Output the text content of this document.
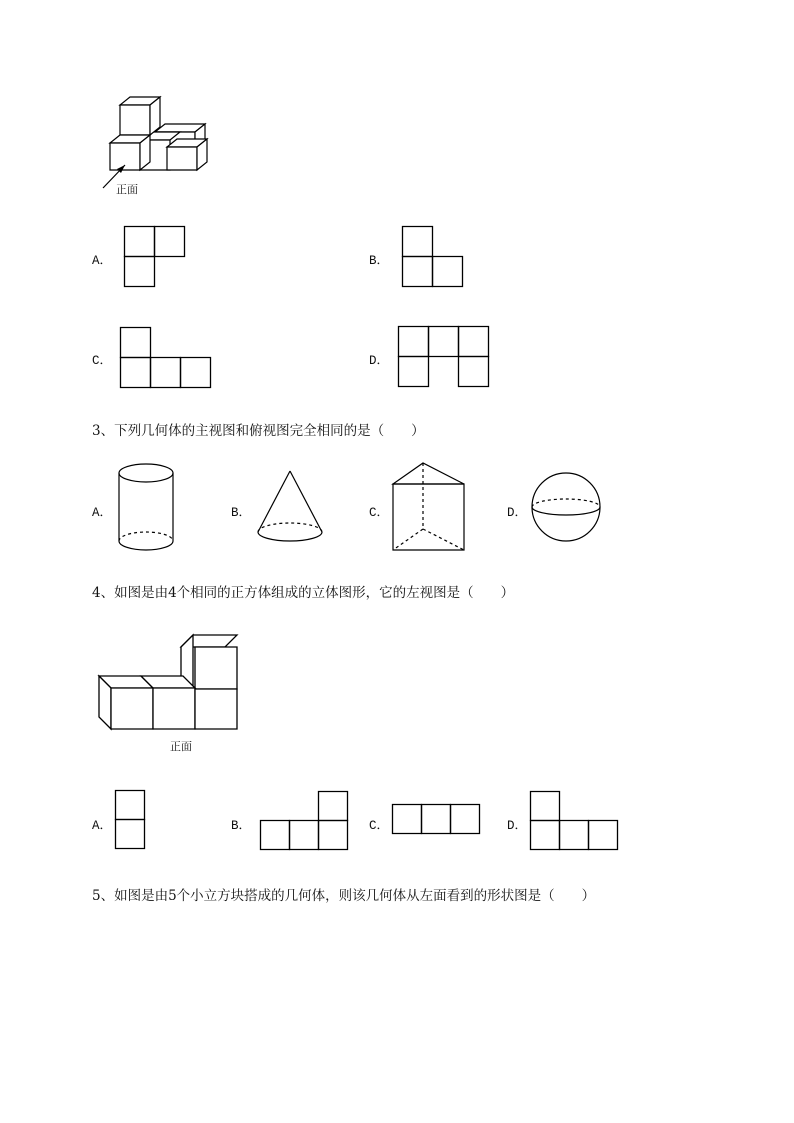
正面
A．	B．
C．	D．
3、下列几何体的主视图和俯视图完全相同的是（　　）
A．	B．	C．	D．
4、如图是由4个相同的正方体组成的立体图形，它的左视图是（　　）
正面
A．	B．	C．	D．
5、如图是由5个小立方块搭成的几何体，则该几何体从左面看到的形状图是（　　）
